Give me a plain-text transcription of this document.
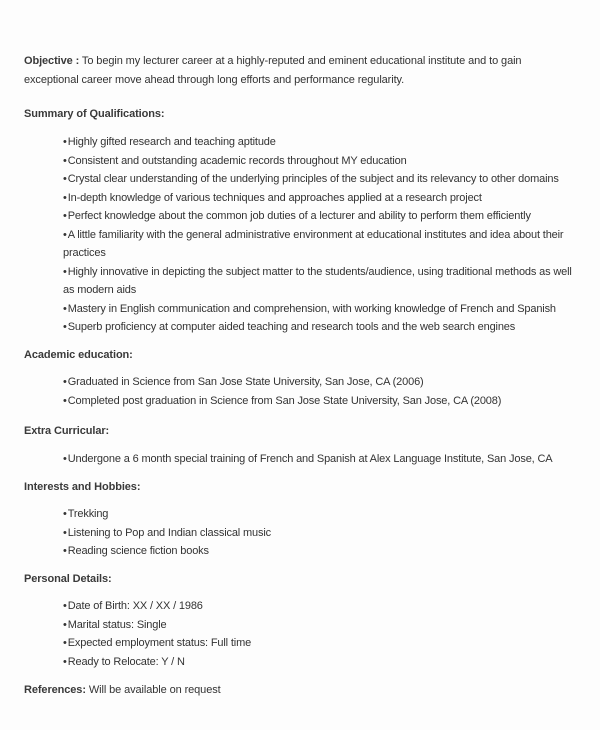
Objective : To begin my lecturer career at a highly-reputed and eminent educational institute and to gain exceptional career move ahead through long efforts and performance regularity.
Summary of Qualifications:
• Highly gifted research and teaching aptitude
• Consistent and outstanding academic records throughout MY education
• Crystal clear understanding of the underlying principles of the subject and its relevancy to other domains
• In-depth knowledge of various techniques and approaches applied at a research project
• Perfect knowledge about the common job duties of a lecturer and ability to perform them efficiently
• A little familiarity with the general administrative environment at educational institutes and idea about their practices
• Highly innovative in depicting the subject matter to the students/audience, using traditional methods as well as modern aids
• Mastery in English communication and comprehension, with working knowledge of French and Spanish
• Superb proficiency at computer aided teaching and research tools and the web search engines
Academic education:
• Graduated in Science from San Jose State University, San Jose, CA (2006)
• Completed post graduation in Science from San Jose State University, San Jose, CA (2008)
Extra Curricular:
• Undergone a 6 month special training of French and Spanish at Alex Language Institute, San Jose, CA
Interests and Hobbies:
• Trekking
• Listening to Pop and Indian classical music
• Reading science fiction books
Personal Details:
• Date of Birth: XX / XX / 1986
• Marital status: Single
• Expected employment status: Full time
• Ready to Relocate: Y / N
References: Will be available on request
